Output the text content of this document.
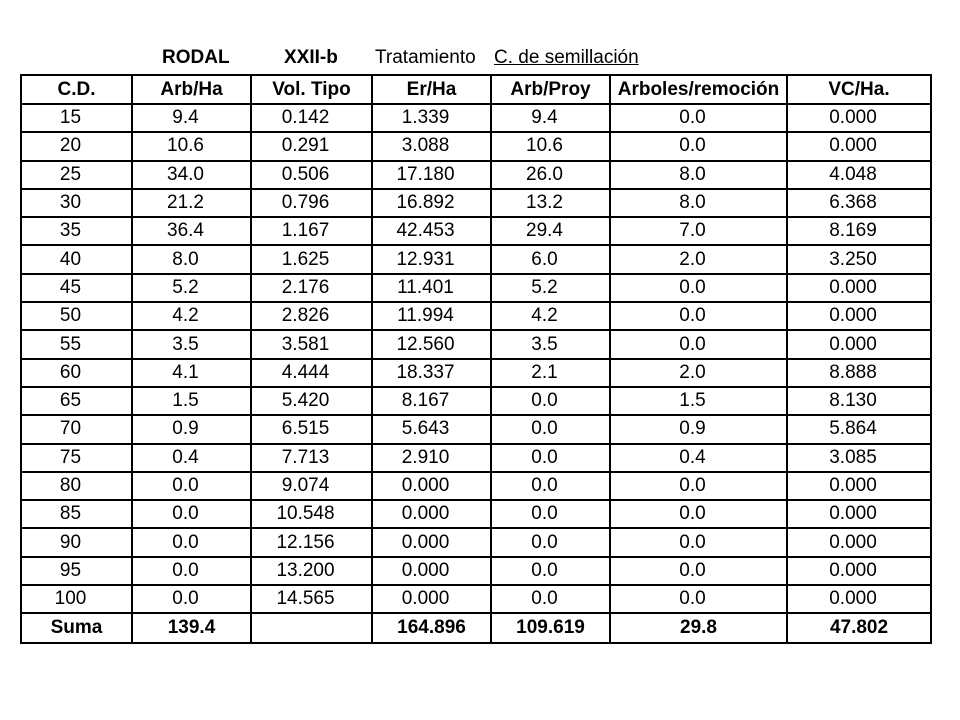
RODAL	XXII-b Tratamiento C. de semillación
C.D.	Arb/Ha	Vol. Tipo	Er/Ha	Arb/Proy	Arboles/remoción	VC/Ha.
15	9.4	0.142	1.339	9.4	0.0	0.000
20	10.6	0.291	3.088	10.6	0.0	0.000
25	34.0	0.506	17.180	26.0	8.0	4.048
30	21.2	0.796	16.892	13.2	8.0	6.368
35	36.4	1.167	42.453	29.4	7.0	8.169
40	8.0	1.625	12.931	6.0	2.0	3.250
45	5.2	2.176	11.401	5.2	0.0	0.000
50	4.2	2.826	11.994	4.2	0.0	0.000
55	3.5	3.581	12.560	3.5	0.0	0.000
60	4.1	4.444	18.337	2.1	2.0	8.888
65	1.5	5.420	8.167	0.0	1.5	8.130
70	0.9	6.515	5.643	0.0	0.9	5.864
75	0.4	7.713	2.910	0.0	0.4	3.085
80	0.0	9.074	0.000	0.0	0.0	0.000
85	0.0	10.548	0.000	0.0	0.0	0.000
90	0.0	12.156	0.000	0.0	0.0	0.000
95	0.0	13.200	0.000	0.0	0.0	0.000
100	0.0	14.565	0.000	0.0	0.0	0.000
Suma	139.4		164.896	109.619	29.8	47.802
